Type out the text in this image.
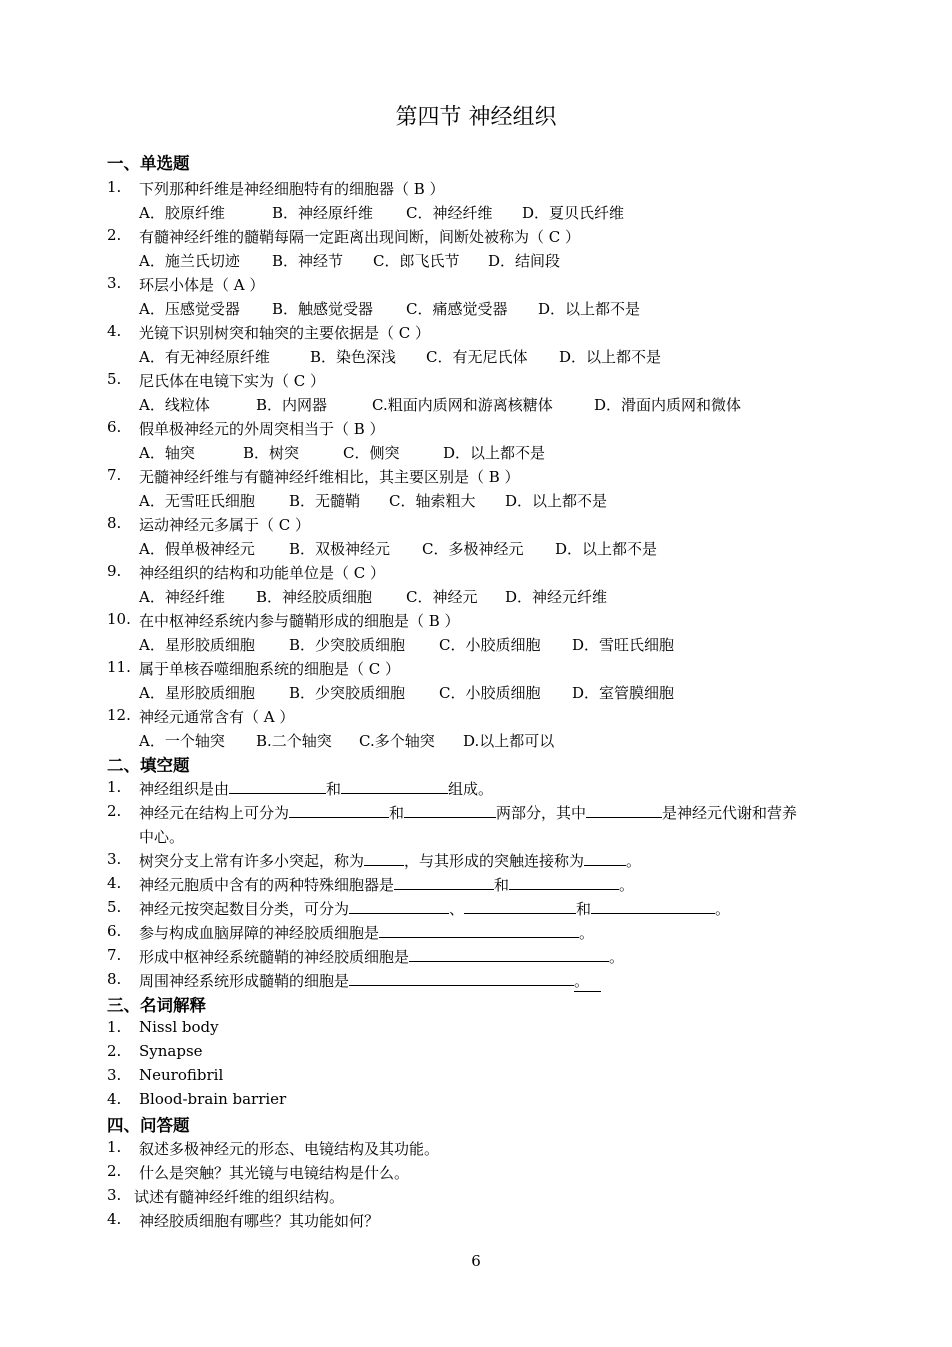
第四节 神经组织
一、单选题
1. 下列那种纤维是神经细胞特有的细胞器（ B ）
A．胶原纤维	B．神经原纤维 C．神经纤维 D．夏贝氏纤维
2. 有髓神经纤维的髓鞘每隔一定距离出现间断，间断处被称为（ C ）
A．施兰氏切迹 B．神经节 C．郎飞氏节 D．结间段
3. 环层小体是（ A ）
A．压感觉受器 B．触感觉受器 C．痛感觉受器 D．以上都不是
4. 光镜下识别树突和轴突的主要依据是（ C ）
A．有无神经原纤维	B．染色深浅 C．有无尼氏体 D．以上都不是
5. 尼氏体在电镜下实为（ C ）
A．线粒体	B．内网器	C.粗面内质网和游离核糖体	D．滑面内质网和微体
6. 假单极神经元的外周突相当于（ B ）
A．轴突	B．树突	C．侧突	D．以上都不是
7. 无髓神经纤维与有髓神经纤维相比，其主要区别是（ B ）
A．无雪旺氏细胞 B．无髓鞘 C．轴索粗大 D．以上都不是
8. 运动神经元多属于（ C ）
A．假单极神经元 B．双极神经元 C．多极神经元 D．以上都不是
9. 神经组织的结构和功能单位是（ C ）
A．神经纤维 B．神经胶质细胞 C．神经元 D．神经元纤维
10. 在中枢神经系统内参与髓鞘形成的细胞是（ B ）
A．星形胶质细胞 B．少突胶质细胞 C．小胶质细胞 D．雪旺氏细胞
11. 属于单核吞噬细胞系统的细胞是（ C ）
A．星形胶质细胞 B．少突胶质细胞 C．小胶质细胞 D．室管膜细胞
12. 神经元通常含有（ A ）
A．一个轴突 B.二个轴突 C.多个轴突 D.以上都可以
二、填空题
1. 神经组织是由	和	组成。
2. 神经元在结构上可分为	和	两部分，其中	是神经元代谢和营养
中心。
3. 树突分支上常有许多小突起，称为	，与其形成的突触连接称为	。
4. 神经元胞质中含有的两种特殊细胞器是	和	。
5. 神经元按突起数目分类，可分为	、	和	。
6. 参与构成血脑屏障的神经胶质细胞是	。
7. 形成中枢神经系统髓鞘的神经胶质细胞是	。
8. 周围神经系统形成髓鞘的细胞是	。
三、名词解释
1. Nissl body
2. Synapse
3. Neurofibril
4. Blood-brain barrier
四、问答题
1. 叙述多极神经元的形态、电镜结构及其功能。
2. 什么是突触？其光镜与电镜结构是什么。
3. 试述有髓神经纤维的组织结构。
4. 神经胶质细胞有哪些？其功能如何？
6
